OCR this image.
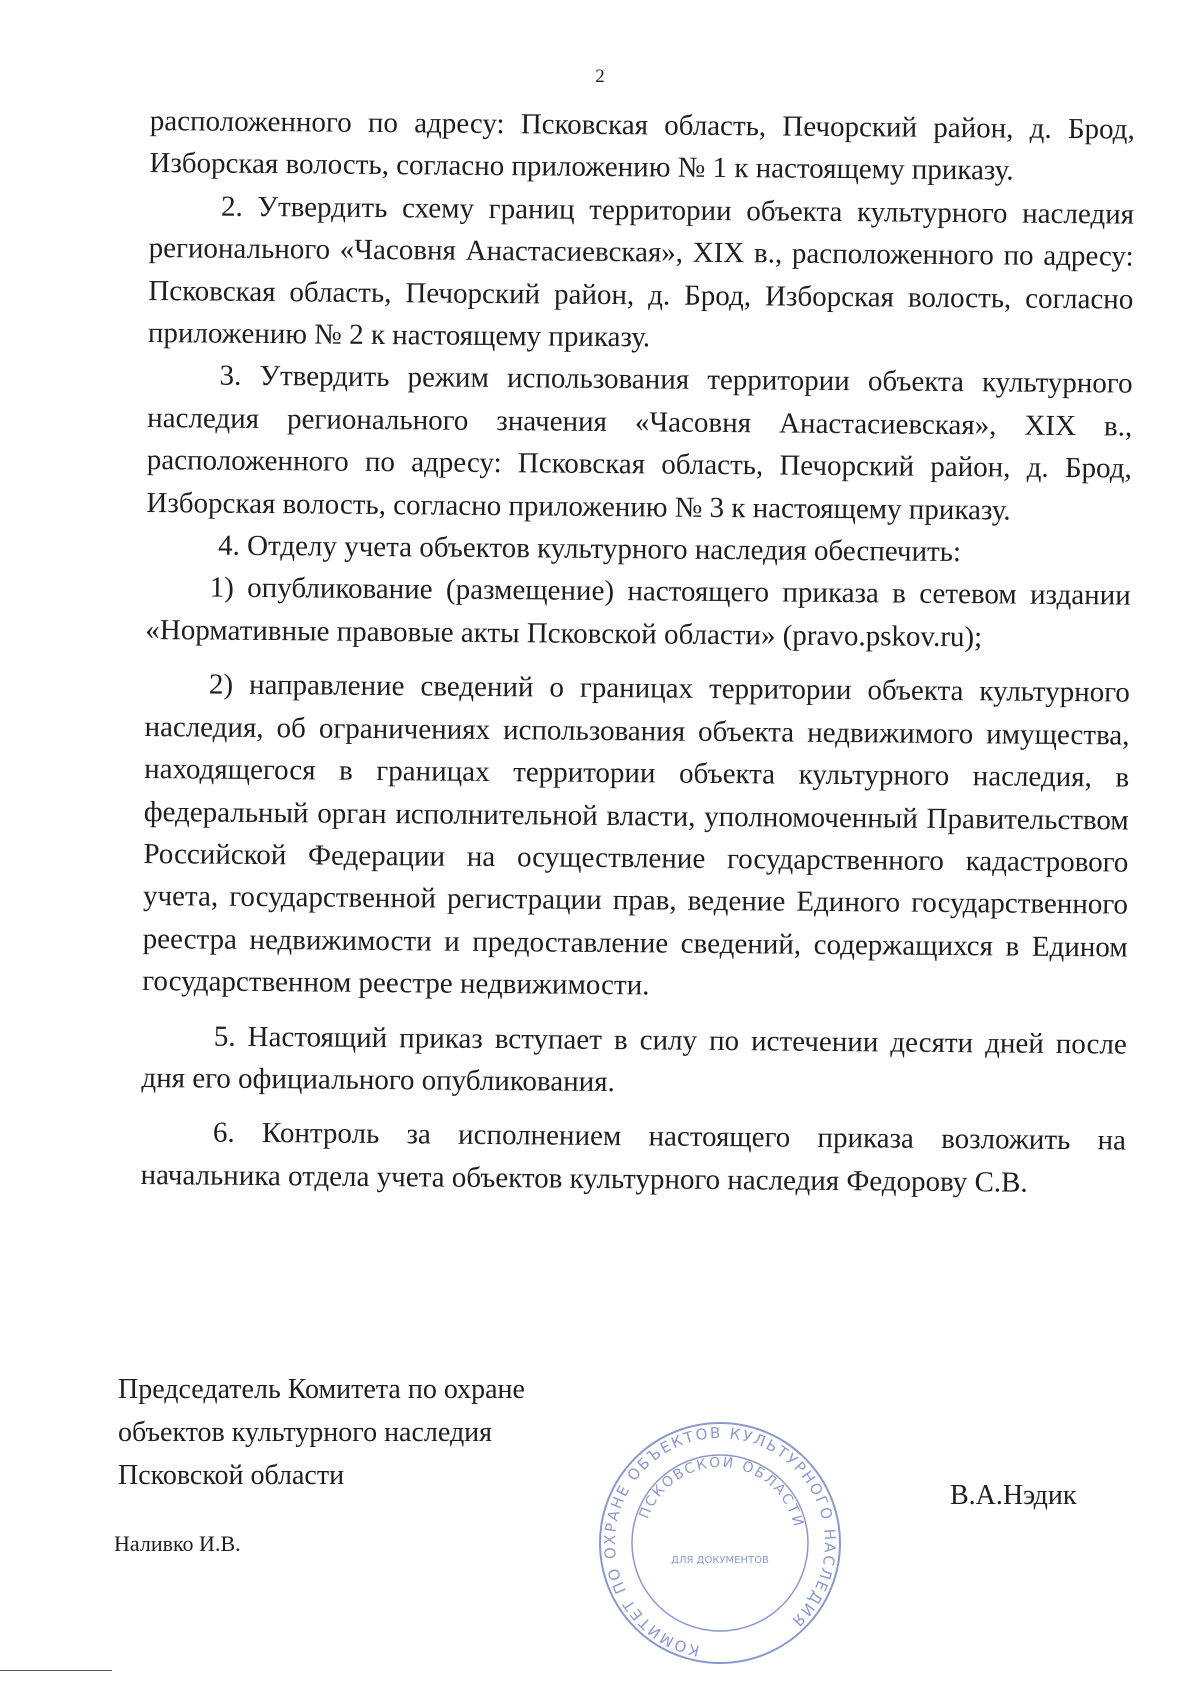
2

расположенного по адресу: Псковская область, Печорский район, д. Брод, Изборская волость, согласно приложению № 1 к настоящему приказу.

2. Утвердить схему границ территории объекта культурного наследия регионального «Часовня Анастасиевская», XIX в., расположенного по адресу: Псковская область, Печорский район, д. Брод, Изборская волость, согласно приложению № 2 к настоящему приказу.

3. Утвердить режим использования территории объекта культурного наследия регионального значения «Часовня Анастасиевская», XIX в., расположенного по адресу: Псковская область, Печорский район, д. Брод, Изборская волость, согласно приложению № 3 к настоящему приказу.

4. Отделу учета объектов культурного наследия обеспечить:

1) опубликование (размещение) настоящего приказа в сетевом издании «Нормативные правовые акты Псковской области» (pravo.pskov.ru);

2) направление сведений о границах территории объекта культурного наследия, об ограничениях использования объекта недвижимого имущества, находящегося в границах территории объекта культурного наследия, в федеральный орган исполнительной власти, уполномоченный Правительством Российской Федерации на осуществление государственного кадастрового учета, государственной регистрации прав, ведение Единого государственного реестра недвижимости и предоставление сведений, содержащихся в Едином государственном реестре недвижимости.

5. Настоящий приказ вступает в силу по истечении десяти дней после дня его официального опубликования.

6. Контроль за исполнением настоящего приказа возложить на начальника отдела учета объектов культурного наследия Федорову С.В.

Председатель Комитета по охране
объектов культурного наследия
Псковской области
КОМИТЕТ ПО ОХРАНЕ ОБЪЕКТОВ КУЛЬТУРНОГО НАСЛЕДИЯ
ПСКОВСКОЙ ОБЛАСТИ
ДЛЯ ДОКУМЕНТОВ
В.А.Нэдик
Наливко И.В.
